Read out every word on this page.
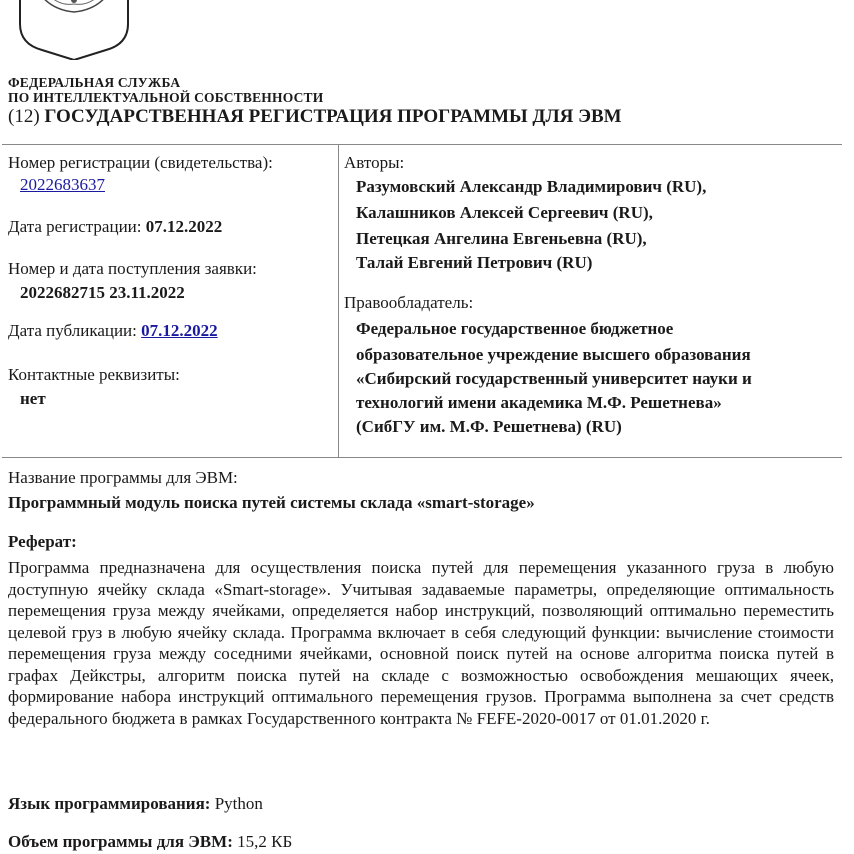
ФЕДЕРАЛЬНАЯ СЛУЖБА
ПО ИНТЕЛЛЕКТУАЛЬНОЙ СОБСТВЕННОСТИ
(12) ГОСУДАРСТВЕННАЯ РЕГИСТРАЦИЯ ПРОГРАММЫ ДЛЯ ЭВМ
Номер регистрации (свидетельства):
2022683637
Дата регистрации: 07.12.2022
Номер и дата поступления заявки:
2022682715 23.11.2022
Дата публикации: 07.12.2022
Контактные реквизиты:
нет
Авторы:
Разумовский Александр Владимирович (RU),
Калашников Алексей Сергеевич (RU),
Петецкая Ангелина Евгеньевна (RU),
Талай Евгений Петрович (RU)
Правообладатель:
Федеральное государственное бюджетное
образовательное учреждение высшего образования
«Сибирский государственный университет науки и
технологий имени академика М.Ф. Решетнева»
(СибГУ им. М.Ф. Решетнева) (RU)
Название программы для ЭВМ:
Программный модуль поиска путей системы склада «smart-storage»
Реферат:

Программа предназначена для осуществления поиска путей для перемещения указанного груза в любую доступную ячейку склада «Smart-storage». Учитывая задаваемые параметры, определяющие оптимальность перемещения груза между ячейками, определяется набор инструкций, позволяющий оптимально переместить целевой груз в любую ячейку склада. Программа включает в себя следующий функции: вычисление стоимости перемещения груза между соседними ячейками, основной поиск путей на основе алгоритма поиска путей в графах Дейкстры, алгоритм поиска путей на складе с возможностью освобождения мешающих ячеек, формирование набора инструкций оптимального перемещения грузов. Программа выполнена за счет средств федерального бюджета в рамках Государственного контракта № FEFE-2020-0017 от 01.01.2020 г.

Язык программирования: Python
Объем программы для ЭВМ: 15,2 КБ
